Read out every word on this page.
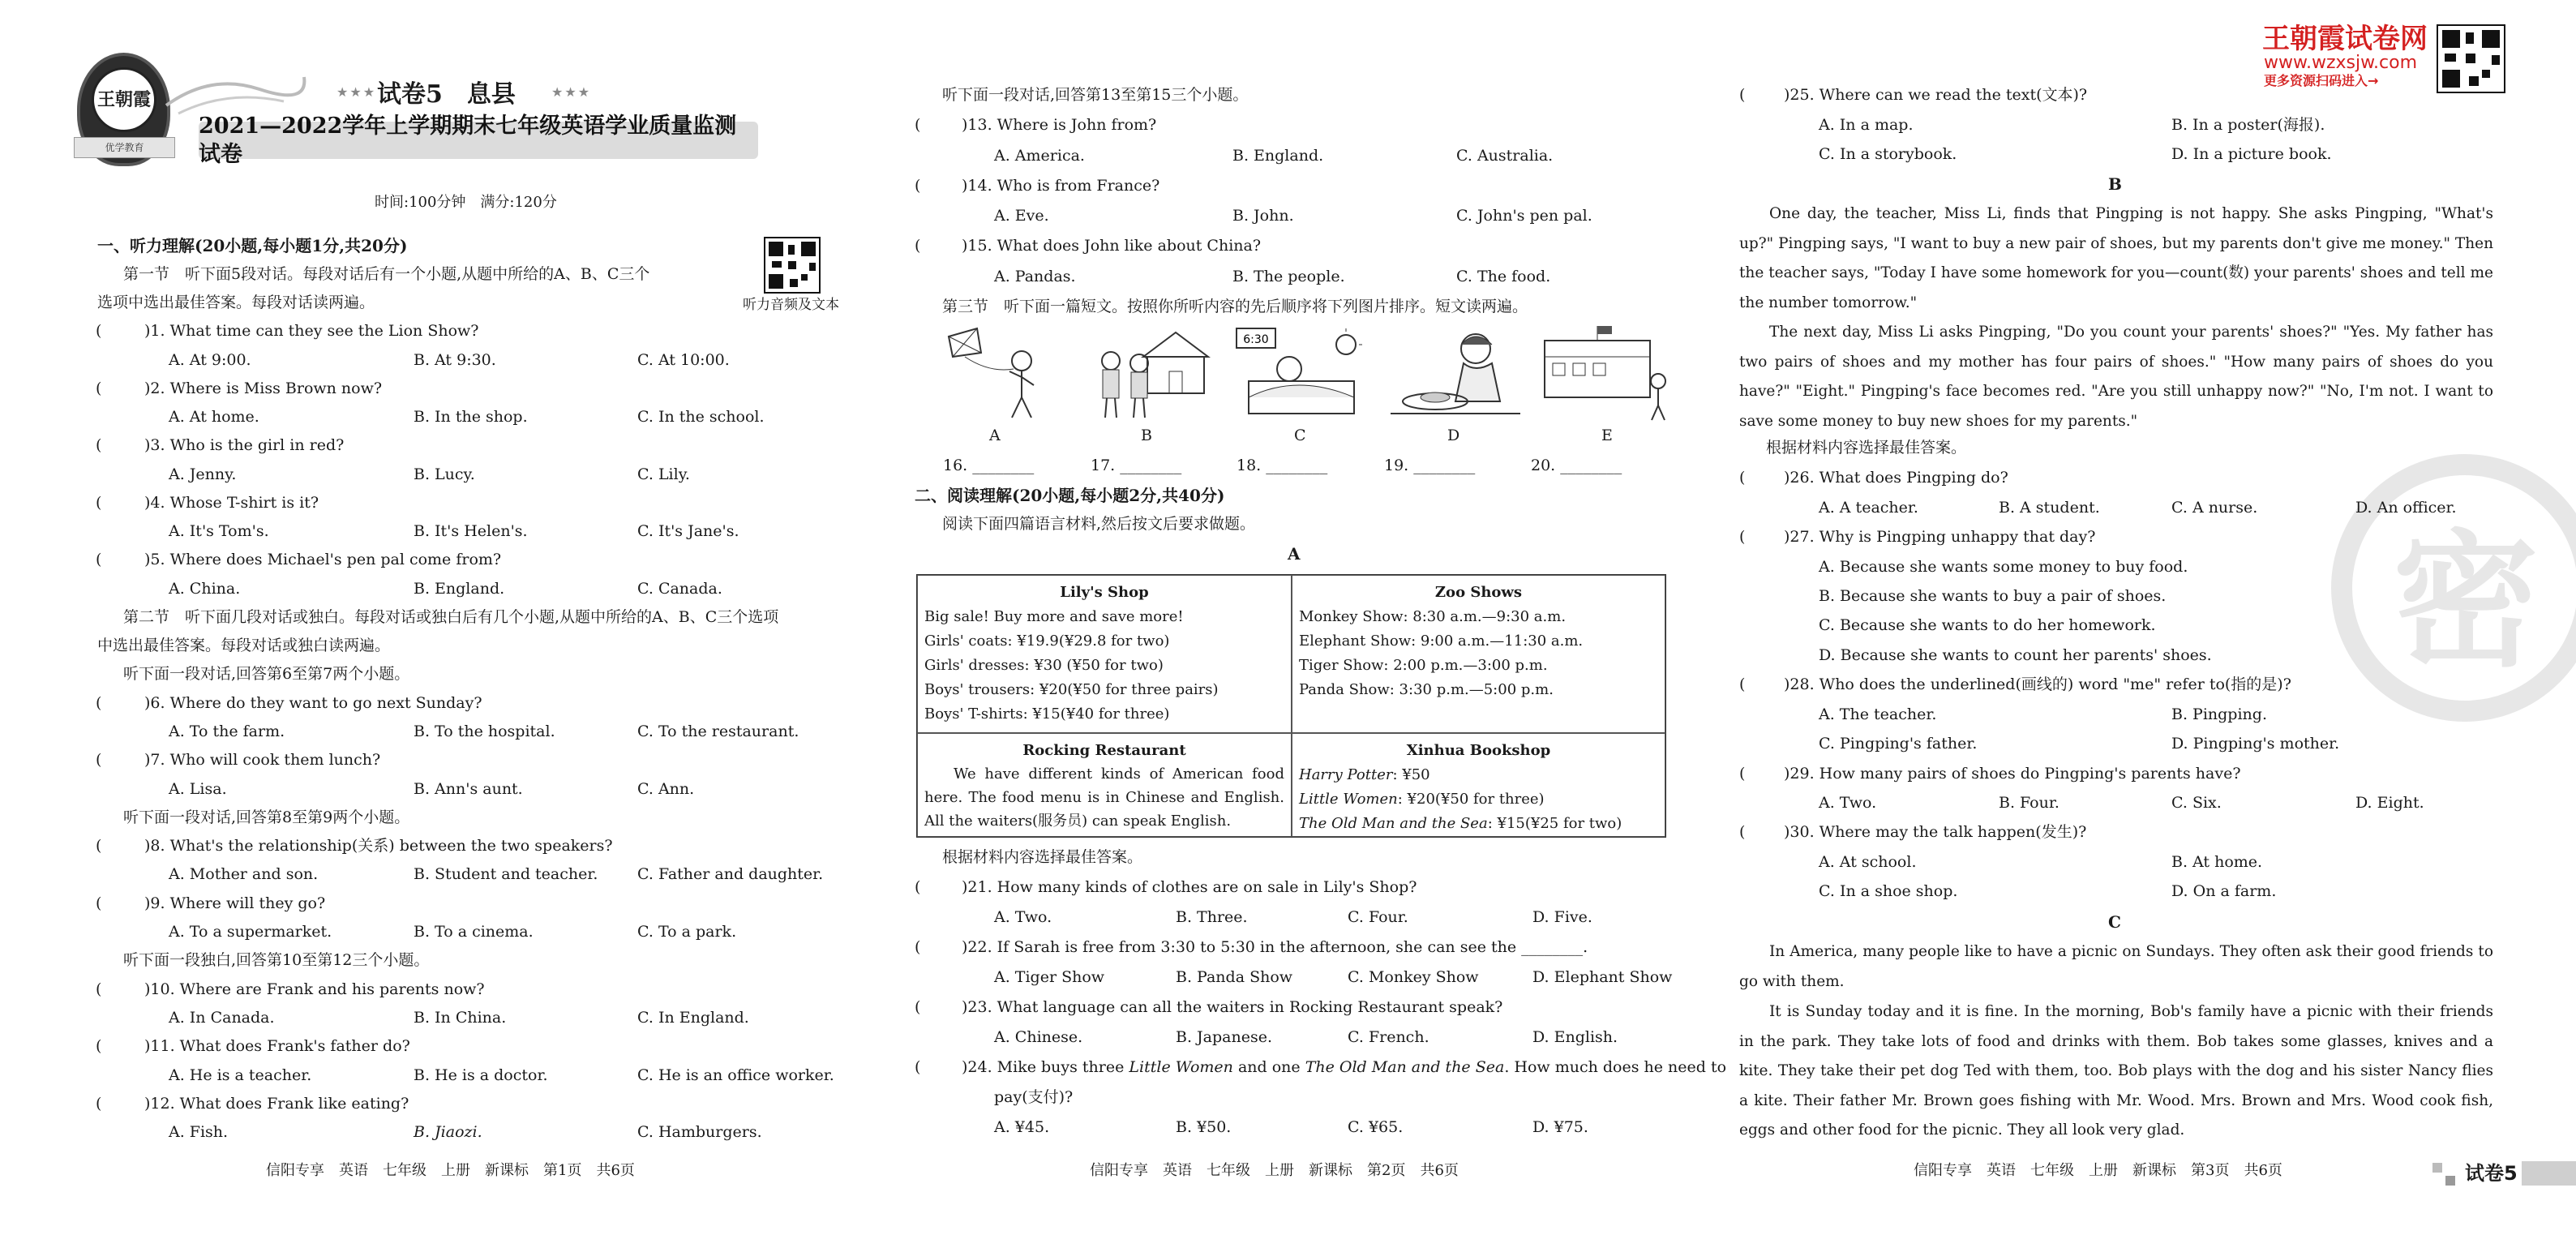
王朝霞
优学教育
★★★ 试卷5　息县	★★★
2021—2022学年上学期期末七年级英语学业质量监测试卷
时间:100分钟　满分:120分
听力音频及文本
一、听力理解(20小题,每小题1分,共20分)
第一节　听下面5段对话。每段对话后有一个小题,从题中所给的A、B、C三个
选项中选出最佳答案。每段对话读两遍。
(	)1. What time can they see the Lion Show?
A. At 9:00.	B. At 9:30.	C. At 10:00.
(	)2. Where is Miss Brown now?
A. At home.	B. In the shop.	C. In the school.
(	)3. Who is the girl in red?
A. Jenny.	B. Lucy.	C. Lily.
(	)4. Whose T-shirt is it?
A. It's Tom's.	B. It's Helen's.	C. It's Jane's.
(	)5. Where does Michael's pen pal come from?
A. China.	B. England.	C. Canada.
第二节　听下面几段对话或独白。每段对话或独白后有几个小题,从题中所给的A、B、C三个选项
中选出最佳答案。每段对话或独白读两遍。
听下面一段对话,回答第6至第7两个小题。
(	)6. Where do they want to go next Sunday?
A. To the farm.	B. To the hospital.	C. To the restaurant.
(	)7. Who will cook them lunch?
A. Lisa.	B. Ann's aunt.	C. Ann.
听下面一段对话,回答第8至第9两个小题。
(	)8. What's the relationship(关系) between the two speakers?
A. Mother and son.	B. Student and teacher.	C. Father and daughter.
(	)9. Where will they go?
A. To a supermarket.	B. To a cinema.	C. To a park.
听下面一段独白,回答第10至第12三个小题。
(	)10. Where are Frank and his parents now?
A. In Canada.	B. In China.	C. In England.
(	)11. What does Frank's father do?
A. He is a teacher.	B. He is a doctor.	C. He is an office worker.
(	)12. What does Frank like eating?
A. Fish.	B. Jiaozi.	C. Hamburgers.
信阳专享　英语　七年级　上册　新课标　第1页　共6页
听下面一段对话,回答第13至第15三个小题。
(	)13. Where is John from?
A. America.	B. England.	C. Australia.
(	)14. Who is from France?
A. Eve.	B. John.	C. John's pen pal.
(	)15. What does John like about China?
A. Pandas.	B. The people.	C. The food.
第三节　听下面一篇短文。按照你所听内容的先后顺序将下列图片排序。短文读两遍。
6:30
A	B	C	D	E
16. ________	17. ________	18. ________	19. ________	20. ________
二、阅读理解(20小题,每小题2分,共40分)
阅读下面四篇语言材料,然后按文后要求做题。
A
Lily's Shop
Big sale! Buy more and save more!
Girls' coats: ¥19.9(¥29.8 for two)
Girls' dresses: ¥30 (¥50 for two)
Boys' trousers: ¥20(¥50 for three pairs)
Boys' T-shirts: ¥15(¥40 for three)
Zoo Shows
Monkey Show: 8:30 a.m.—9:30 a.m.
Elephant Show: 9:00 a.m.—11:30 a.m.
Tiger Show: 2:00 p.m.—3:00 p.m.
Panda Show: 3:30 p.m.—5:00 p.m.
Rocking Restaurant
We have different kinds of American food here. The food menu is in Chinese and English. All the waiters(服务员) can speak English.
Xinhua Bookshop
Harry Potter: ¥50
Little Women: ¥20(¥50 for three)
The Old Man and the Sea: ¥15(¥25 for two)
根据材料内容选择最佳答案。
(	)21. How many kinds of clothes are on sale in Lily's Shop?
A. Two.	B. Three.	C. Four.	D. Five.
(	)22. If Sarah is free from 3:30 to 5:30 in the afternoon, she can see the ________.
A. Tiger Show	B. Panda Show	C. Monkey Show	D. Elephant Show
(	)23. What language can all the waiters in Rocking Restaurant speak?
A. Chinese.	B. Japanese.	C. French.	D. English.
(	)24. Mike buys three Little Women and one The Old Man and the Sea. How much does he need to
pay(支付)?
A. ¥45.	B. ¥50.	C. ¥65.	D. ¥75.
信阳专享　英语　七年级　上册　新课标　第2页　共6页
王朝霞试卷网
www.wzxsjw.com
更多资源扫码进入→
密
(	)25. Where can we read the text(文本)?
A. In a map.	B. In a poster(海报).
C. In a storybook.	D. In a picture book.
B
One day, the teacher, Miss Li, finds that Pingping is not happy. She asks Pingping, "What's up?" Pingping says, "I want to buy a new pair of shoes, but my parents don't give me money." Then the teacher says, "Today I have some homework for you—count(数) your parents' shoes and tell me the number tomorrow."
The next day, Miss Li asks Pingping, "Do you count your parents' shoes?" "Yes. My father has two pairs of shoes and my mother has four pairs of shoes." "How many pairs of shoes do you have?" "Eight." Pingping's face becomes red. "Are you still unhappy now?" "No, I'm not. I want to save some money to buy new shoes for my parents."
根据材料内容选择最佳答案。
(	)26. What does Pingping do?
A. A teacher.	B. A student.	C. A nurse.	D. An officer.
(	)27. Why is Pingping unhappy that day?
A. Because she wants some money to buy food.
B. Because she wants to buy a pair of shoes.
C. Because she wants to do her homework.
D. Because she wants to count her parents' shoes.
(	)28. Who does the underlined(画线的) word "me" refer to(指的是)?
A. The teacher.	B. Pingping.
C. Pingping's father.	D. Pingping's mother.
(	)29. How many pairs of shoes do Pingping's parents have?
A. Two.	B. Four.	C. Six.	D. Eight.
(	)30. Where may the talk happen(发生)?
A. At school.	B. At home.
C. In a shoe shop.	D. On a farm.
C
In America, many people like to have a picnic on Sundays. They often ask their good friends to go with them.
It is Sunday today and it is fine. In the morning, Bob's family have a picnic with their friends in the park. They take lots of food and drinks with them. Bob takes some glasses, knives and a kite. They take their pet dog Ted with them, too. Bob plays with the dog and his sister Nancy flies a kite. Their father Mr. Brown goes fishing with Mr. Wood. Mrs. Brown and Mrs. Wood cook fish, eggs and other food for the picnic. They all look very glad.
信阳专享　英语　七年级　上册　新课标　第3页　共6页	试卷5
